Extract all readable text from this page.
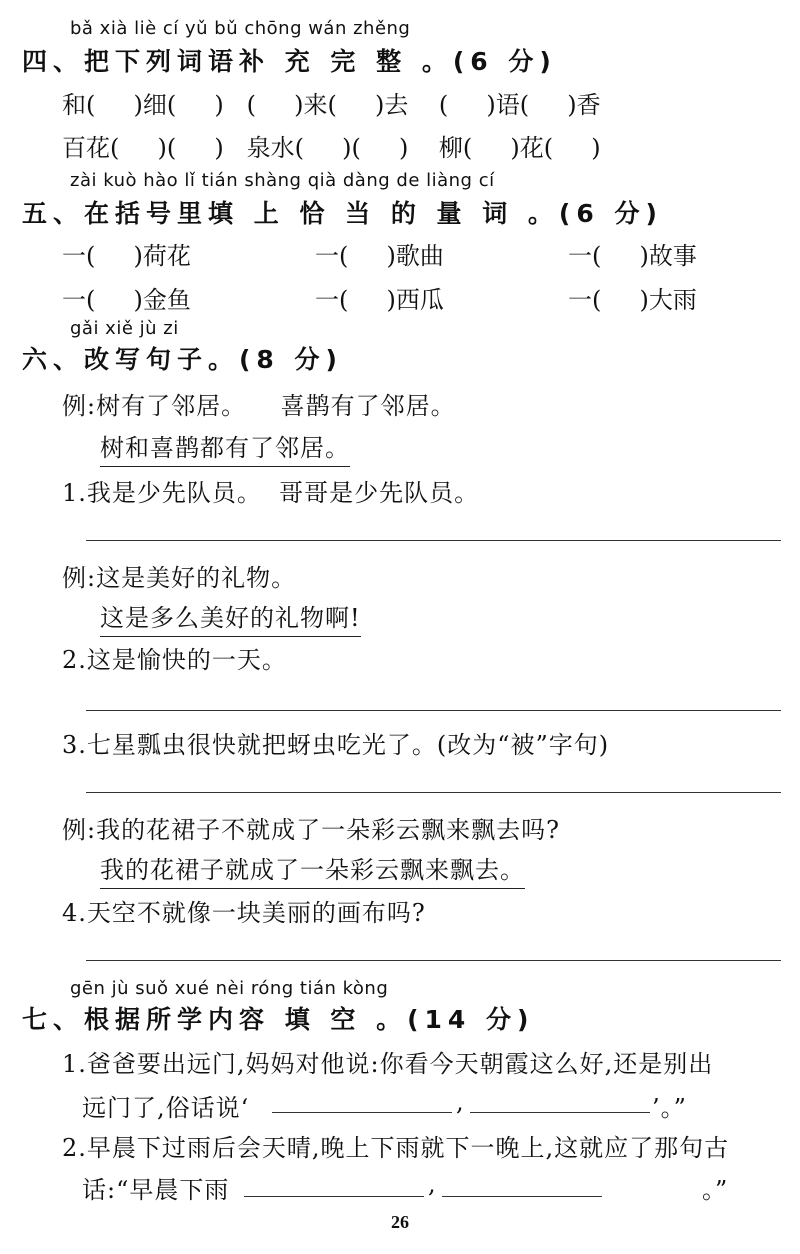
bǎ xià liè cí yǔ bǔ chōng wán zhěng
四、把下列词语补 充 完 整 。(6 分)
和(     )细(     )   (     )来(     )去    (     )语(     )香
百花(     )(     )   泉水(     )(     )    柳(     )花(     )
zài kuò hào lǐ tián shàng qià dàng de liàng cí
五、在括号里填 上 恰 当 的 量 词 。(6 分)
一(     )荷花	一(     )歌曲	一(     )故事
一(     )金鱼	一(     )西瓜	一(     )大雨
gǎi xiě jù zi
六、改写句子。(8 分)
例:树有了邻居。    喜鹊有了邻居。
树和喜鹊都有了邻居。
1.我是少先队员。  哥哥是少先队员。
例:这是美好的礼物。
这是多么美好的礼物啊!
2.这是愉快的一天。
3.七星瓢虫很快就把蚜虫吃光了。(改为“被”字句)
例:我的花裙子不就成了一朵彩云飘来飘去吗?
我的花裙子就成了一朵彩云飘来飘去。
4.天空不就像一块美丽的画布吗?
gēn jù suǒ xué nèi róng tián kòng
七、根据所学内容 填 空 。(14 分)
1.爸爸要出远门,妈妈对他说:你看今天朝霞这么好,还是别出
远门了,俗话说‘	,	’。”
2.早晨下过雨后会天晴,晚上下雨就下一晚上,这就应了那句古
话:“早晨下雨	,	。”
26
